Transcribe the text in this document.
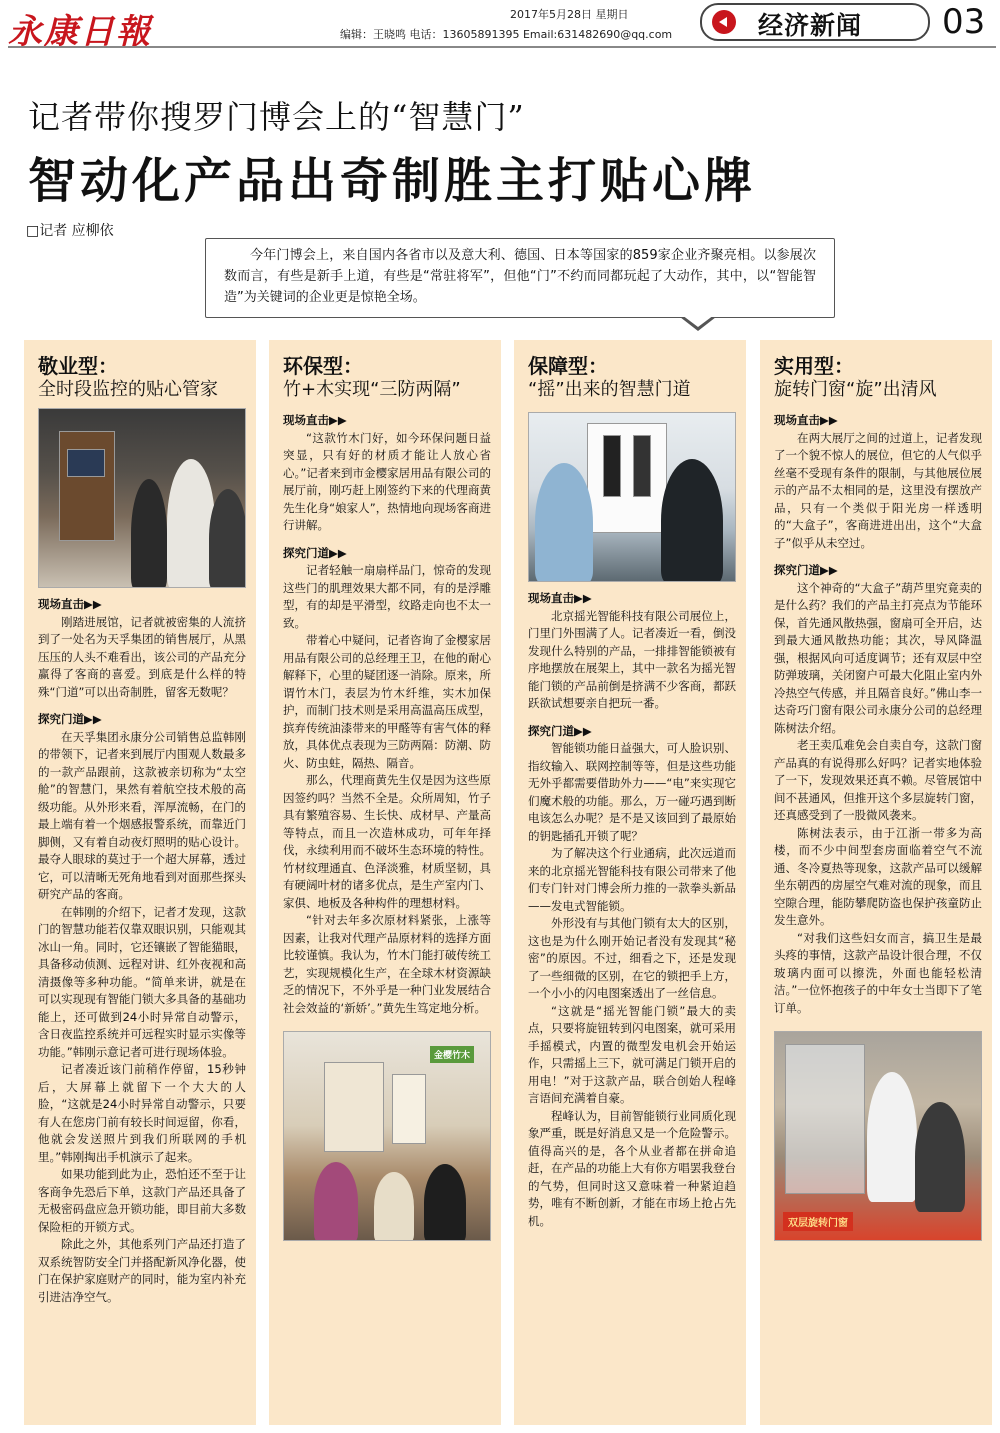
永康日報	2017年5月28日 星期日
编辑：王晓鸣 电话：13605891395 Email:631482690@qq.com	经济新闻 03
记者带你搜罗门博会上的“智慧门”
智动化产品出奇制胜主打贴心牌
□记者 应柳依
今年门博会上，来自国内各省市以及意大利、德国、日本等国家的859家企业齐聚亮相。以参展次数而言，有些是新手上道，有些是“常驻将军”，但他“门”不约而同都玩起了大动作，其中，以“智能智造”为关键词的企业更是惊艳全场。
敬业型：
全时段监控的贴心管家

现场直击▶▶

刚踏进展馆，记者就被密集的人流挤到了一处名为天孚集团的销售展厅，从黑压压的人头不难看出，该公司的产品充分赢得了客商的喜爱。到底是什么样的特殊“门道”可以出奇制胜，留客无数呢？

探究门道▶▶

在天孚集团永康分公司销售总监韩刚的带领下，记者来到展厅内围观人数最多的一款产品跟前，这款被亲切称为“太空舱”的智慧门，果然有着航空技术般的高级功能。从外形来看，浑厚流畅，在门的最上端有着一个烟感报警系统，而靠近门脚侧，又有着自动夜灯照明的贴心设计。最夺人眼球的莫过于一个超大屏幕，透过它，可以清晰无死角地看到对面那些探头研究产品的客商。

在韩刚的介绍下，记者才发现，这款门的智慧功能若仅靠双眼识别，只能观其冰山一角。同时，它还镶嵌了智能猫眼，具备移动侦测、远程对讲、红外夜视和高清摄像等多种功能。“简单来讲，就是在可以实现现有智能门锁大多具备的基础功能上，还可做到24小时异常自动警示，含日夜监控系统并可远程实时显示实像等功能。”韩刚示意记者可进行现场体验。

记者凑近该门前稍作停留，15秒钟后，大屏幕上就留下一个大大的人脸，“这就是24小时异常自动警示，只要有人在您房门前有较长时间逗留，你看，他就会发送照片到我们所联网的手机里。”韩刚掏出手机演示了起来。

如果功能到此为止，恐怕还不至于让客商争先恐后下单，这款门产品还具备了无极密码盘应急开锁功能，即目前大多数保险柜的开锁方式。

除此之外，其他系列门产品还打造了双系统智防安全门并搭配新风净化器，使门在保护家庭财产的同时，能为室内补充引进洁净空气。

环保型：
竹+木实现“三防两隔”

现场直击▶▶

“这款竹木门好，如今环保问题日益突显，只有好的材质才能让人放心省心。”记者来到市金樱家居用品有限公司的展厅前，刚巧赶上刚签约下来的代理商黄先生化身“娘家人”，热情地向现场客商进行讲解。

探究门道▶▶

记者轻触一扇扇样品门，惊奇的发现这些门的肌理效果大都不同，有的是浮雕型，有的却是平滑型，纹路走向也不太一致。

带着心中疑问，记者咨询了金樱家居用品有限公司的总经理王卫，在他的耐心解释下，心里的疑团逐一消除。原来，所谓竹木门，表层为竹木纤维，实木加保护，而制门技术则是采用高温高压成型，摈弃传统油漆带来的甲醛等有害气体的释放，具体优点表现为三防两隔：防潮、防火、防虫蛀，隔热、隔音。

那么，代理商黄先生仅是因为这些原因签约吗？当然不全是。众所周知，竹子具有繁殖容易、生长快、成材早、产量高等特点，而且一次造林成功，可年年择伐，永续利用而不破坏生态环境的特性。竹材纹理通直、色泽淡雅，材质坚韧，具有硬阔叶材的诸多优点，是生产室内门、家俱、地板及各种构件的理想材料。

“针对去年多次原材料紧张，上涨等因素，让我对代理产品原材料的选择方面比较谨慎。我认为，竹木门能打破传统工艺，实现规模化生产，在全球木材资源缺乏的情况下，不外乎是一种门业发展结合社会效益的‘新娇’。”黄先生笃定地分析。

金樱竹木
保障型：
“摇”出来的智慧门道

现场直击▶▶

北京摇光智能科技有限公司展位上，门里门外围满了人。记者凑近一看，倒没发现什么特别的产品，一排排智能锁被有序地摆放在展架上，其中一款名为摇光智能门锁的产品前倒是挤满不少客商，都跃跃欲试想要亲自把玩一番。

探究门道▶▶

智能锁功能日益强大，可人脸识别、指纹输入、联网控制等等，但是这些功能无外乎都需要借助外力——“电”来实现它们魔术般的功能。那么，万一碰巧遇到断电该怎么办呢？是不是又该回到了最原始的钥匙插孔开锁了呢？

为了解决这个行业通病，此次远道而来的北京摇光智能科技有限公司带来了他们专门针对门博会所力推的一款拳头新品——发电式智能锁。

外形没有与其他门锁有太大的区别，这也是为什么刚开始记者没有发现其“秘密”的原因。不过，细看之下，还是发现了一些细微的区别，在它的锁把手上方，一个小小的闪电图案透出了一丝信息。

“这就是“摇光智能门锁”最大的卖点，只要将旋钮转到闪电图案，就可采用手摇模式，内置的微型发电机会开始运作，只需摇上三下，就可满足门锁开启的用电！”对于这款产品，联合创始人程峰言语间充满着自豪。

程峰认为，目前智能锁行业同质化现象严重，既是好消息又是一个危险警示。值得高兴的是，各个从业者都在拼命追赶，在产品的功能上大有你方唱罢我登台的气势，但同时这又意味着一种紧迫趋势，唯有不断创新，才能在市场上抢占先机。

实用型：
旋转门窗“旋”出清风

现场直击▶▶

在两大展厅之间的过道上，记者发现了一个貌不惊人的展位，但它的人气似乎丝毫不受现有条件的限制，与其他展位展示的产品不太相同的是，这里没有摆放产品，只有一个类似于阳光房一样透明的“大盒子”，客商进进出出，这个“大盒子”似乎从未空过。

探究门道▶▶

这个神奇的“大盒子”葫芦里究竟卖的是什么药？我们的产品主打亮点为节能环保，首先通风散热强，窗扇可全开启，达到最大通风散热功能；其次，导风降温强，根据风向可适度调节；还有双层中空防弹玻璃，关闭窗户可最大化阻止室内外冷热空气传感，并且隔音良好。”佛山李一达奇巧门窗有限公司永康分公司的总经理陈树法介绍。

老王卖瓜难免会自卖自夸，这款门窗产品真的有说得那么好吗？记者实地体验了一下，发现效果还真不赖。尽管展馆中间不甚通风，但推开这个多层旋转门窗，还真感受到了一股微风袭来。

陈树法表示，由于江浙一带多为高楼，而不少中间型套房面临着空气不流通、冬冷夏热等现象，这款产品可以缓解坐东朝西的房屋空气难对流的现象，而且空隙合理，能防攀爬防盗也保护孩童防止发生意外。

“对我们这些妇女而言，搞卫生是最头疼的事情，这款产品设计很合理，不仅玻璃内面可以擦洗，外面也能轻松清洁。”一位怀抱孩子的中年女士当即下了笔订单。

双层旋转门窗
